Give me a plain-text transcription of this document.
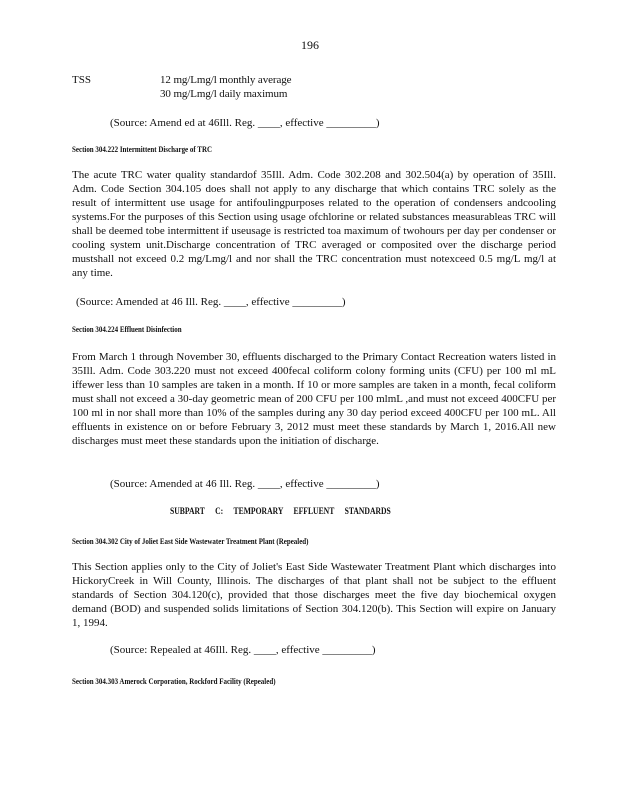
196
TSS	12 mg/Lmg/l monthly average
30 mg/Lmg/l daily maximum
(Source: Amend ed at 46Ill. Reg. ____, effective _________)
Section 304.222 Intermittent Discharge of TRC
The acute TRC water quality standardof 35Ill. Adm. Code 302.208 and 302.504(a) by operation of 35Ill. Adm. Code Section 304.105 does shall not apply to any discharge that which contains TRC solely as the result of intermittent use usage for antifoulingpurposes related to the operation of condensers andcooling systems.For the purposes of this Section using usage ofchlorine or related substances measurableas TRC will shall be deemed tobe intermittent if useusage is restricted toa maximum of twohours per day per condenser or cooling system unit.Discharge concentration of TRC averaged or composited over the discharge period mustshall not exceed 0.2 mg/Lmg/l and nor shall the TRC concentration must notexceed 0.5 mg/L mg/l at any time.
(Source: Amended at 46 Ill. Reg. ____, effective _________)
Section 304.224 Effluent Disinfection
From March 1 through November 30, effluents discharged to the Primary Contact Recreation waters listed in 35Ill. Adm. Code 303.220 must not exceed 400fecal coliform colony forming units (CFU) per 100 ml mL iffewer less than 10 samples are taken in a month. If 10 or more samples are taken in a month, fecal coliform must shall not exceed a 30-day geometric mean of 200 CFU per 100 mlmL ,and must not exceed 400CFU per 100 ml in nor shall more than 10% of the samples during any 30 day period exceed 400CFU per 100 mL. All effluents in existence on or before February 3, 2012 must meet these standards by March 1, 2016.All new discharges must meet these standards upon the initiation of discharge.
(Source: Amended at 46 Ill. Reg. ____, effective _________)
SUBPART C: TEMPORARY EFFLUENT STANDARDS
Section 304.302 City of Joliet East Side Wastewater Treatment Plant (Repealed)
This Section applies only to the City of Joliet's East Side Wastewater Treatment Plant which discharges into HickoryCreek in Will County, Illinois. The discharges of that plant shall not be subject to the effluent standards of Section 304.120(c), provided that those discharges meet the five day biochemical oxygen demand (BOD) and suspended solids limitations of Section 304.120(b). This Section will expire on January 1, 1994.
(Source: Repealed at 46Ill. Reg. ____, effective _________)
Section 304.303 Amerock Corporation, Rockford Facility (Repealed)
